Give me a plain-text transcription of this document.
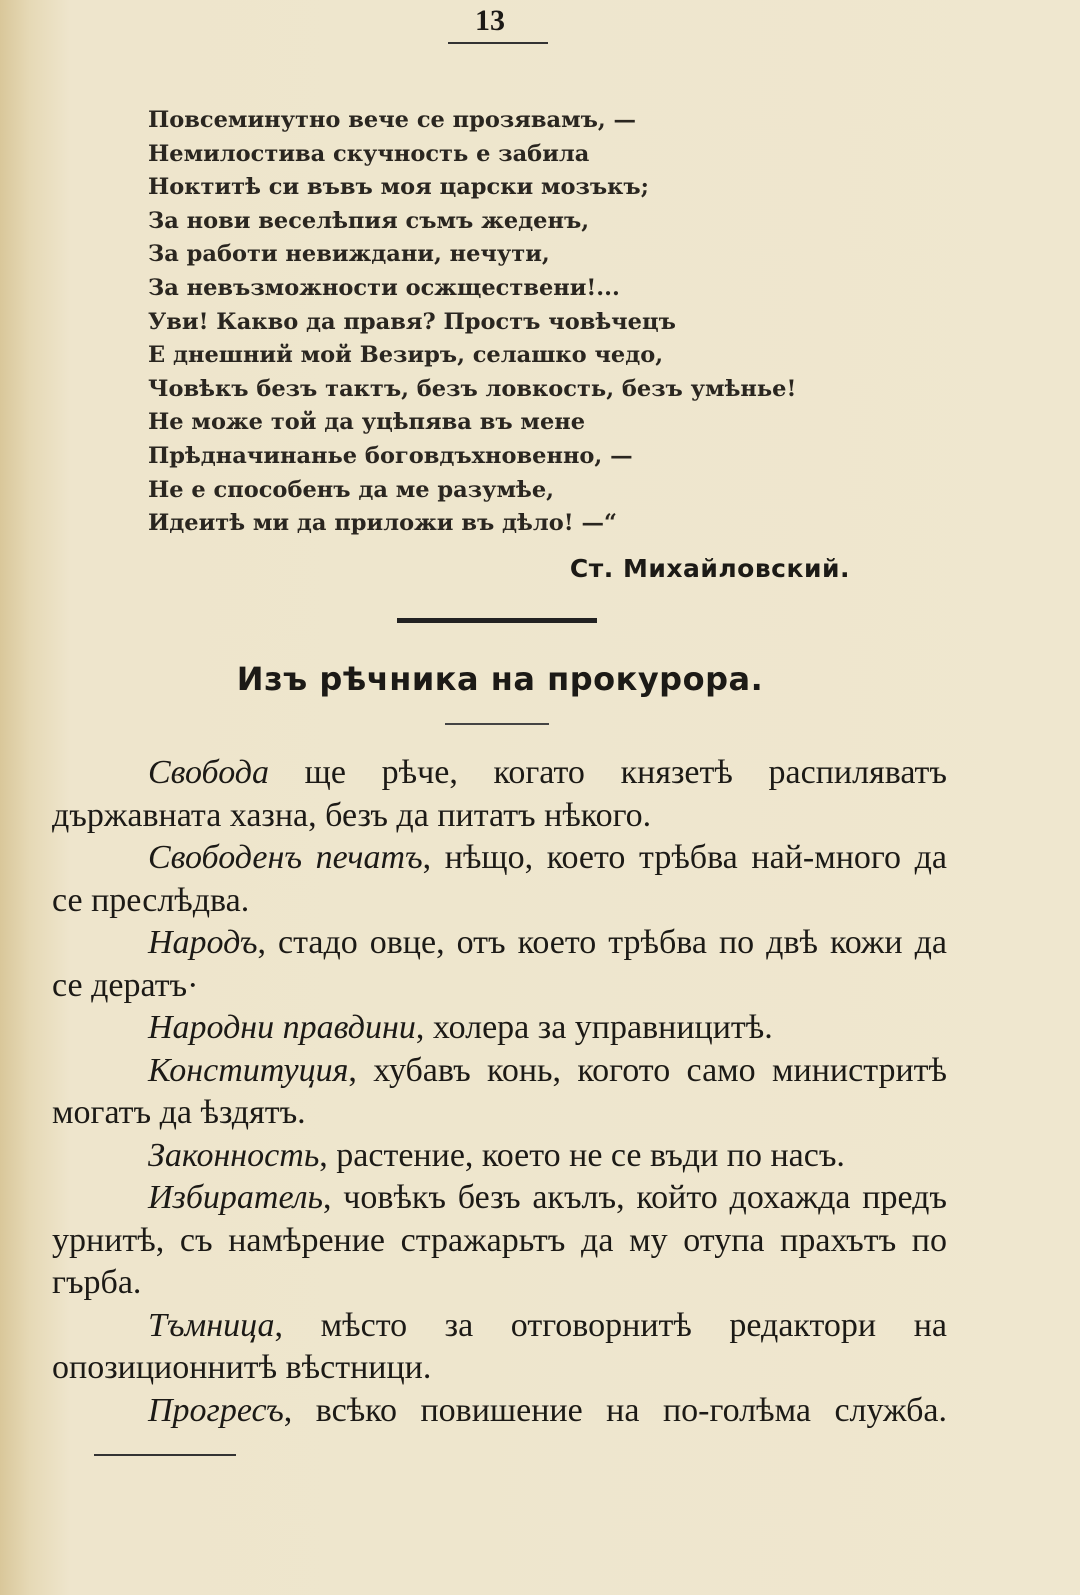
13
Повсеминутно вече се прозявамъ, —
Немилостива скучность е забила
Ноктитѣ си въвъ моя царски мозъкъ;
За нови веселѣпия съмъ жеденъ,
За работи невиждани, нечути,
За невъзможности осжществени!...
Уви! Какво да правя? Простъ човѣчецъ
Е днешний мой Везиръ, селашко чедо,
Човѣкъ безъ тактъ, безъ ловкость, безъ умѣнье!
Не може той да уцѣпява въ мене
Прѣдначинанье боговдъхновенно, —
Не е способенъ да ме разумѣе,
Идеитѣ ми да приложи въ дѣло! —“
Ст. Михайловский.
Изъ рѣчника на прокурора.

Свобода ще рѣче, когато князетѣ распиляватъ държавната хазна, безъ да питатъ нѣкого.

Свободенъ печатъ, нѣщо, което трѣбва най-много да се преслѣдва.

Народъ, стадо овце, отъ което трѣбва по двѣ кожи да се дератъ·

Народни правдини, холера за управницитѣ.

Конституция, хубавъ конь, когото само министритѣ могатъ да ѣздятъ.

Законность, растение, което не се въди по насъ.

Избиратель, човѣкъ безъ акълъ, който дохажда предъ урнитѣ, съ намѣрение стражарьтъ да му отупа прахътъ по гърба.

Тъмница, мѣсто за отговорнитѣ редактори на опозиционнитѣ вѣстници.

Прогресъ, всѣко повишение на по-голѣма служба.
